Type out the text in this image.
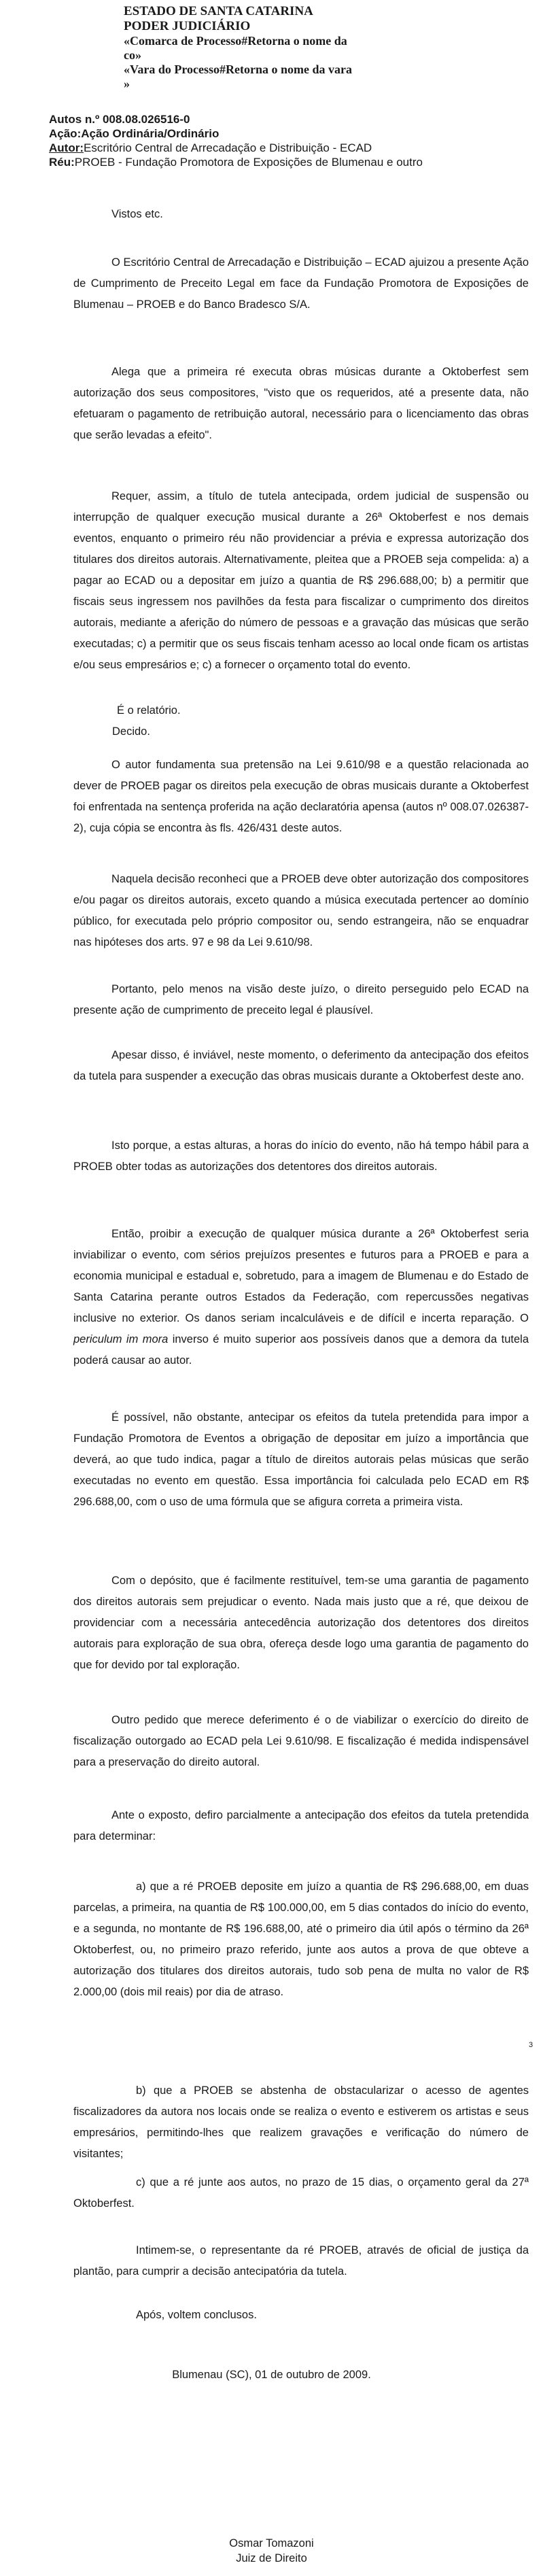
ESTADO DE SANTA CATARINA
PODER JUDICIÁRIO
«Comarca de Processo#Retorna o nome da co»
«Vara do Processo#Retorna o nome da vara »
Autos n.º 008.08.026516-0
Ação:Ação Ordinária/Ordinário
Autor:Escritório Central de Arrecadação e Distribuição - ECAD
Réu:PROEB - Fundação Promotora de Exposições de Blumenau e outro
Vistos etc.
O Escritório Central de Arrecadação e Distribuição – ECAD ajuizou a presente Ação de Cumprimento de Preceito Legal em face da Fundação Promotora de Exposições de Blumenau – PROEB e do Banco Bradesco S/A.
Alega que a primeira ré executa obras músicas durante a Oktoberfest sem autorização dos seus compositores, "visto que os requeridos, até a presente data, não efetuaram o pagamento de retribuição autoral, necessário para o licenciamento das obras que serão levadas a efeito".
Requer, assim, a título de tutela antecipada, ordem judicial de suspensão ou interrupção de qualquer execução musical durante a 26ª Oktoberfest e nos demais eventos, enquanto o primeiro réu não providenciar a prévia e expressa autorização dos titulares dos direitos autorais. Alternativamente, pleitea que a PROEB seja compelida: a) a pagar ao ECAD ou a depositar em juízo a quantia de R$ 296.688,00; b) a permitir que fiscais seus ingressem nos pavilhões da festa para fiscalizar o cumprimento dos direitos autorais, mediante a aferição do número de pessoas e a gravação das músicas que serão executadas; c) a permitir que os seus fiscais tenham acesso ao local onde ficam os artistas e/ou seus empresários e; c) a fornecer o orçamento total do evento.
É o relatório.
Decido.
O autor fundamenta sua pretensão na Lei 9.610/98 e a questão relacionada ao dever de PROEB pagar os direitos pela execução de obras musicais durante a Oktoberfest foi enfrentada na sentença proferida na ação declaratória apensa (autos nº 008.07.026387-2), cuja cópia se encontra às fls. 426/431 deste autos.
Naquela decisão reconheci que a PROEB deve obter autorização dos compositores e/ou pagar os direitos autorais, exceto quando a música executada pertencer ao domínio público, for executada pelo próprio compositor ou, sendo estrangeira, não se enquadrar nas hipóteses dos arts. 97 e 98 da Lei 9.610/98.
Portanto, pelo menos na visão deste juízo, o direito perseguido pelo ECAD na presente ação de cumprimento de preceito legal é plausível.
Apesar disso, é inviável, neste momento, o deferimento da antecipação dos efeitos da tutela para suspender a execução das obras musicais durante a Oktoberfest deste ano.
Isto porque, a estas alturas, a horas do início do evento, não há tempo hábil para a PROEB obter todas as autorizações dos detentores dos direitos autorais.
Então, proibir a execução de qualquer música durante a 26ª Oktoberfest seria inviabilizar o evento, com sérios prejuízos presentes e futuros para a PROEB e para a economia municipal e estadual e, sobretudo, para a imagem de Blumenau e do Estado de Santa Catarina perante outros Estados da Federação, com repercussões negativas inclusive no exterior. Os danos seriam incalculáveis e de difícil e incerta reparação. O periculum im mora inverso é muito superior aos possíveis danos que a demora da tutela poderá causar ao autor.
É possível, não obstante, antecipar os efeitos da tutela pretendida para impor a Fundação Promotora de Eventos a obrigação de depositar em juízo a importância que deverá, ao que tudo indica, pagar a título de direitos autorais pelas músicas que serão executadas no evento em questão. Essa importância foi calculada pelo ECAD em R$ 296.688,00, com o uso de uma fórmula que se afigura correta a primeira vista.
Com o depósito, que é facilmente restituível, tem-se uma garantia de pagamento dos direitos autorais sem prejudicar o evento. Nada mais justo que a ré, que deixou de providenciar com a necessária antecedência autorização dos detentores dos direitos autorais para exploração de sua obra, ofereça desde logo uma garantia de pagamento do que for devido por tal exploração.
Outro pedido que merece deferimento é o de viabilizar o exercício do direito de fiscalização outorgado ao ECAD pela Lei 9.610/98. E fiscalização é medida indispensável para a preservação do direito autoral.
Ante o exposto, defiro parcialmente a antecipação dos efeitos da tutela pretendida para determinar:
a) que a ré PROEB deposite em juízo a quantia de R$ 296.688,00, em duas parcelas, a primeira, na quantia de R$ 100.000,00, em 5 dias contados do início do evento, e a segunda, no montante de R$ 196.688,00, até o primeiro dia útil após o término da 26ª Oktoberfest, ou, no primeiro prazo referido, junte aos autos a prova de que obteve a autorização dos titulares dos direitos autorais, tudo sob pena de multa no valor de R$ 2.000,00 (dois mil reais) por dia de atraso.
3
b) que a PROEB se abstenha de obstacularizar o acesso de agentes fiscalizadores da autora nos locais onde se realiza o evento e estiverem os artistas e seus empresários, permitindo-lhes que realizem gravações e verificação do número de visitantes;
c) que a ré junte aos autos, no prazo de 15 dias, o orçamento geral da 27ª Oktoberfest.
Intimem-se, o representante da ré PROEB, através de oficial de justiça da plantão, para cumprir a decisão antecipatória da tutela.
Após, voltem conclusos.
Blumenau (SC), 01 de outubro de 2009.
Osmar Tomazoni
Juiz de Direito
